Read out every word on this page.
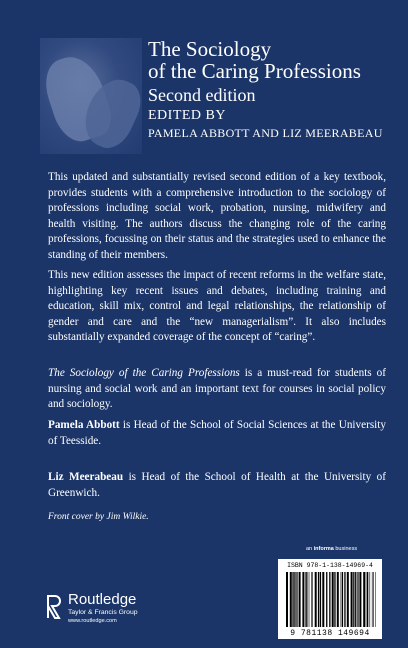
The Sociology
of the Caring Professions
Second edition
EDITED BY
PAMELA ABBOTT AND LIZ MEERABEAU
This updated and substantially revised second edition of a key textbook, provides students with a comprehensive introduction to the sociology of professions including social work, probation, nursing, midwifery and health visiting. The authors discuss the changing role of the caring professions, focussing on their status and the strategies used to enhance the standing of their members.
This new edition assesses the impact of recent reforms in the welfare state, highlighting key recent issues and debates, including training and education, skill mix, control and legal relationships, the relationship of gender and care and the “new managerialism”. It also includes substantially expanded coverage of the concept of “caring”.
The Sociology of the Caring Professions is a must-read for students of nursing and social work and an important text for courses in social policy and sociology.
Pamela Abbott is Head of the School of Social Sciences at the University of Teesside.
Liz Meerabeau is Head of the School of Health at the University of Greenwich.
Front cover by Jim Wilkie.
an informa business
ISBN 978-1-138-14969-4
9 781138 149694
Routledge
Taylor & Francis Group
www.routledge.com
